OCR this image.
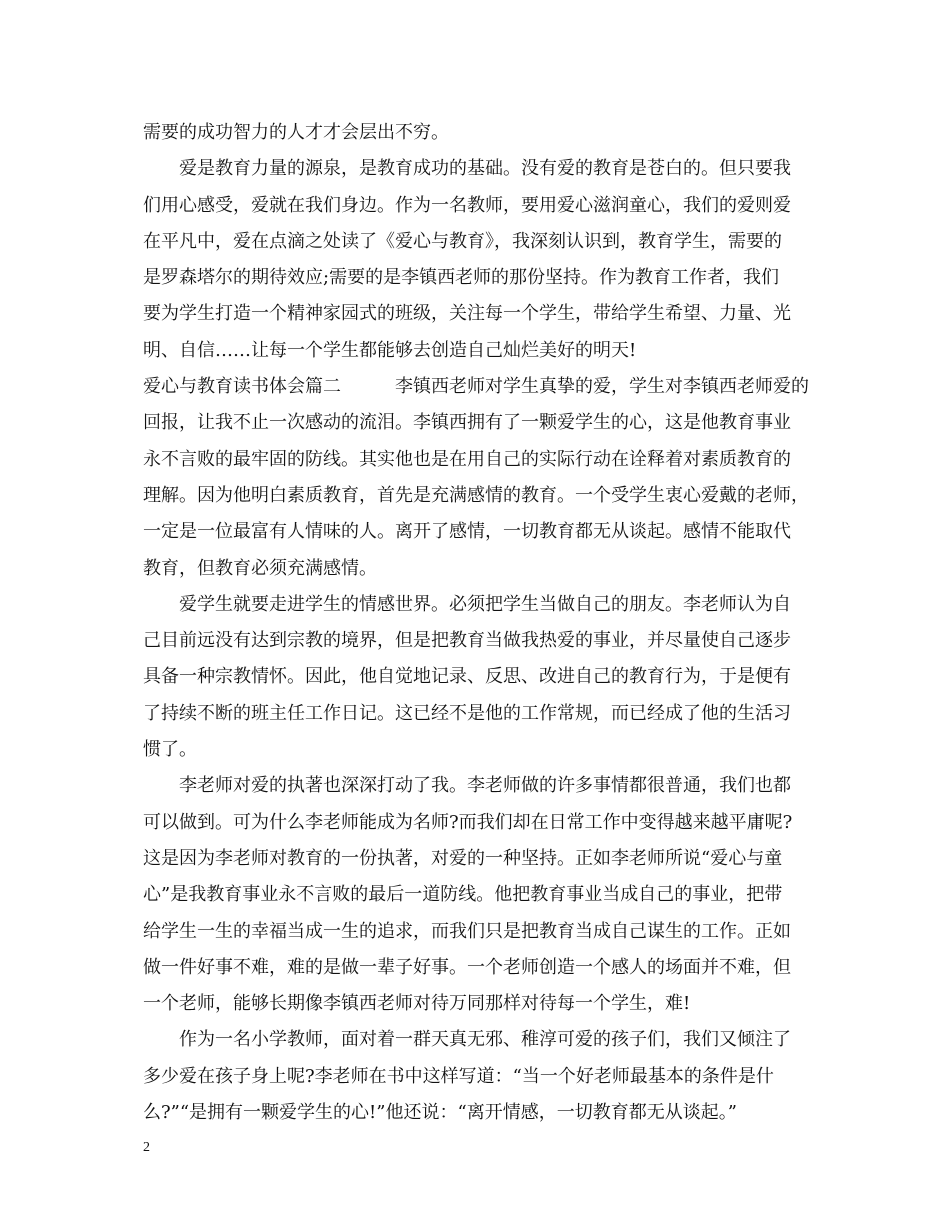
需要的成功智力的人才才会层出不穷。
　　爱是教育力量的源泉，是教育成功的基础。没有爱的教育是苍白的。但只要我
们用心感受，爱就在我们身边。作为一名教师，要用爱心滋润童心，我们的爱则爱
在平凡中，爱在点滴之处读了《爱心与教育》，我深刻认识到，教育学生，需要的
是罗森塔尔的期待效应;需要的是李镇西老师的那份坚持。作为教育工作者，我们
要为学生打造一个精神家园式的班级，关注每一个学生，带给学生希望、力量、光
明、自信……让每一个学生都能够去创造自己灿烂美好的明天!
爱心与教育读书体会篇二　　　李镇西老师对学生真挚的爱，学生对李镇西老师爱的
回报，让我不止一次感动的流泪。李镇西拥有了一颗爱学生的心，这是他教育事业
永不言败的最牢固的防线。其实他也是在用自己的实际行动在诠释着对素质教育的
理解。因为他明白素质教育，首先是充满感情的教育。一个受学生衷心爱戴的老师，
一定是一位最富有人情味的人。离开了感情，一切教育都无从谈起。感情不能取代
教育，但教育必须充满感情。
　　爱学生就要走进学生的情感世界。必须把学生当做自己的朋友。李老师认为自
己目前远没有达到宗教的境界，但是把教育当做我热爱的事业，并尽量使自己逐步
具备一种宗教情怀。因此，他自觉地记录、反思、改进自己的教育行为，于是便有
了持续不断的班主任工作日记。这已经不是他的工作常规，而已经成了他的生活习
惯了。
　　李老师对爱的执著也深深打动了我。李老师做的许多事情都很普通，我们也都
可以做到。可为什么李老师能成为名师?而我们却在日常工作中变得越来越平庸呢?
这是因为李老师对教育的一份执著，对爱的一种坚持。正如李老师所说“爱心与童
心”是我教育事业永不言败的最后一道防线。他把教育事业当成自己的事业，把带
给学生一生的幸福当成一生的追求，而我们只是把教育当成自己谋生的工作。正如
做一件好事不难，难的是做一辈子好事。一个老师创造一个感人的场面并不难，但
一个老师，能够长期像李镇西老师对待万同那样对待每一个学生，难!
　　作为一名小学教师，面对着一群天真无邪、稚淳可爱的孩子们，我们又倾注了
多少爱在孩子身上呢?李老师在书中这样写道：“当一个好老师最基本的条件是什
么?”“是拥有一颗爱学生的心!”他还说：“离开情感，一切教育都无从谈起。”
2
